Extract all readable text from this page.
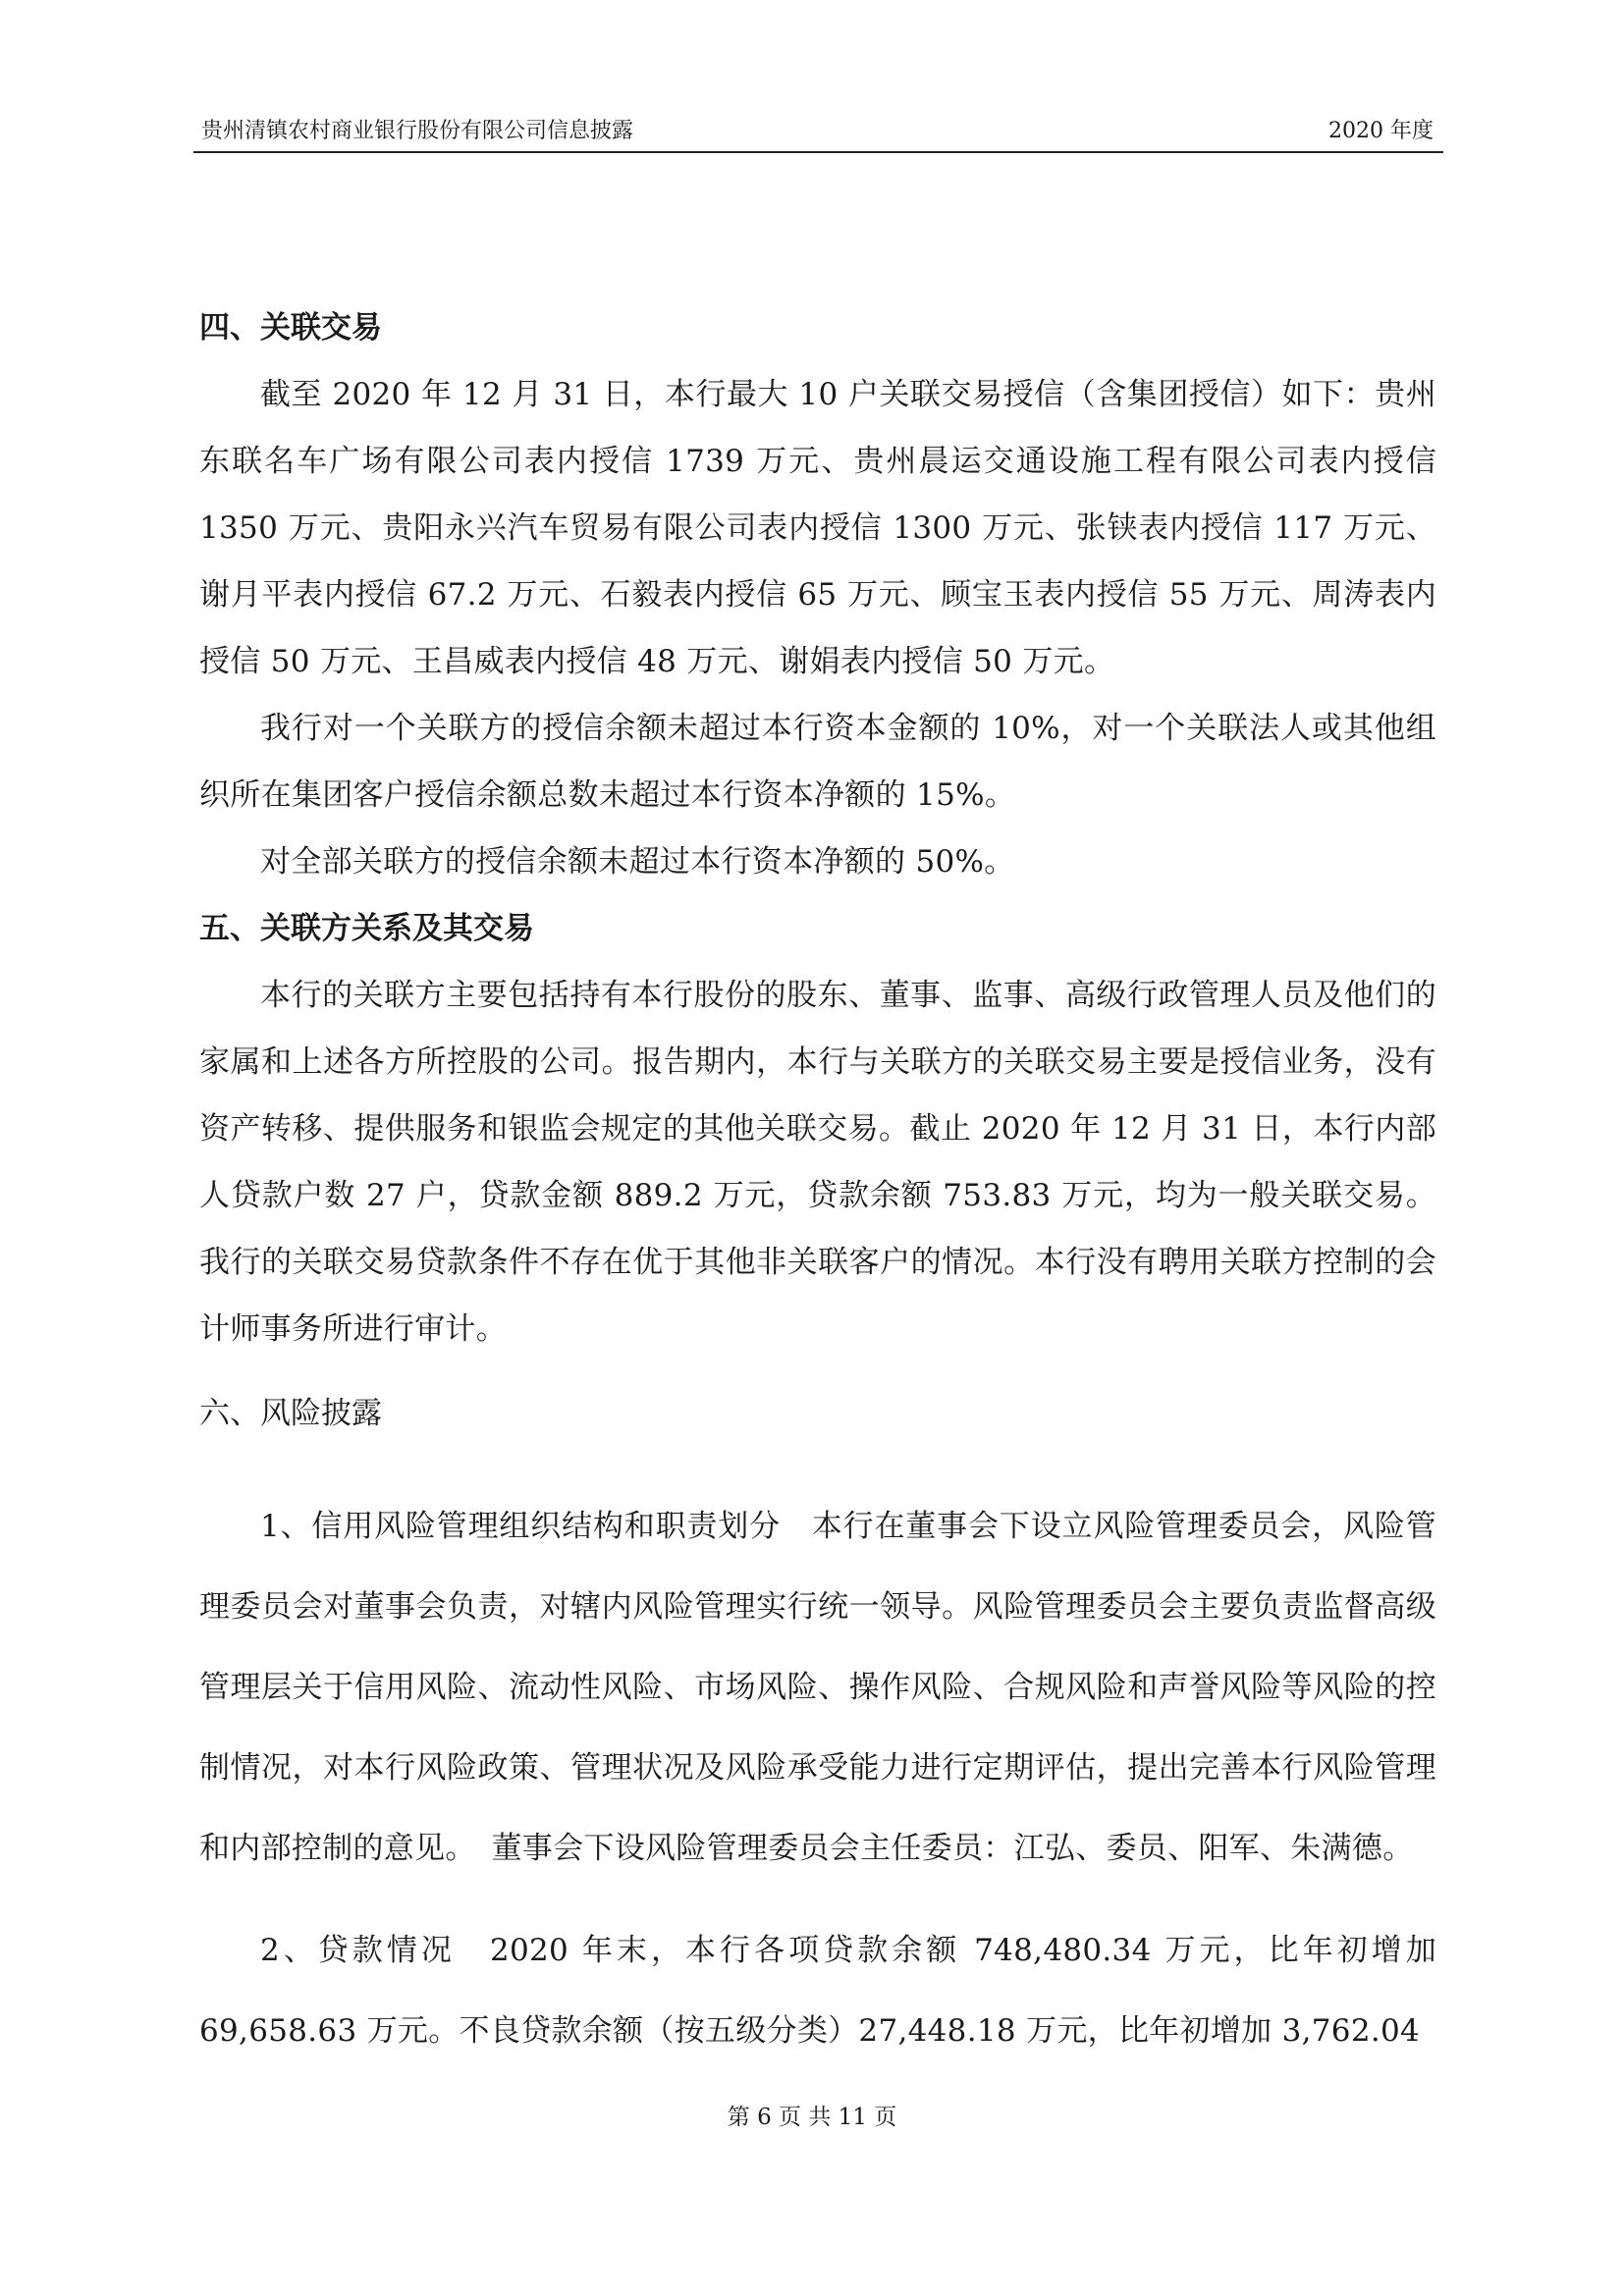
贵州清镇农村商业银行股份有限公司信息披露	2020 年度
四、关联交易

截至 2020 年 12 月 31 日，本行最大 10 户关联交易授信（含集团授信）如下：贵州东联名车广场有限公司表内授信 1739 万元、贵州晨运交通设施工程有限公司表内授信 1350 万元、贵阳永兴汽车贸易有限公司表内授信 1300 万元、张铗表内授信 117 万元、谢月平表内授信 67.2 万元、石毅表内授信 65 万元、顾宝玉表内授信 55 万元、周涛表内授信 50 万元、王昌威表内授信 48 万元、谢娟表内授信 50 万元。

我行对一个关联方的授信余额未超过本行资本金额的 10%，对一个关联法人或其他组织所在集团客户授信余额总数未超过本行资本净额的 15%。

对全部关联方的授信余额未超过本行资本净额的 50%。

五、关联方关系及其交易

本行的关联方主要包括持有本行股份的股东、董事、监事、高级行政管理人员及他们的家属和上述各方所控股的公司。报告期内，本行与关联方的关联交易主要是授信业务，没有资产转移、提供服务和银监会规定的其他关联交易。截止 2020 年 12 月 31 日，本行内部人贷款户数 27 户，贷款金额 889.2 万元，贷款余额 753.83 万元，均为一般关联交易。我行的关联交易贷款条件不存在优于其他非关联客户的情况。本行没有聘用关联方控制的会计师事务所进行审计。

六、风险披露

1、信用风险管理组织结构和职责划分　本行在董事会下设立风险管理委员会，风险管理委员会对董事会负责，对辖内风险管理实行统一领导。风险管理委员会主要负责监督高级管理层关于信用风险、流动性风险、市场风险、操作风险、合规风险和声誉风险等风险的控制情况，对本行风险政策、管理状况及风险承受能力进行定期评估，提出完善本行风险管理和内部控制的意见。　董事会下设风险管理委员会主任委员：江弘、委员、阳军、朱满德。

2、贷款情况　2020 年末，本行各项贷款余额 748,480.34 万元，比年初增加 69,658.63 万元。不良贷款余额（按五级分类）27,448.18 万元，比年初增加 3,762.04

第 6 页 共 11 页
